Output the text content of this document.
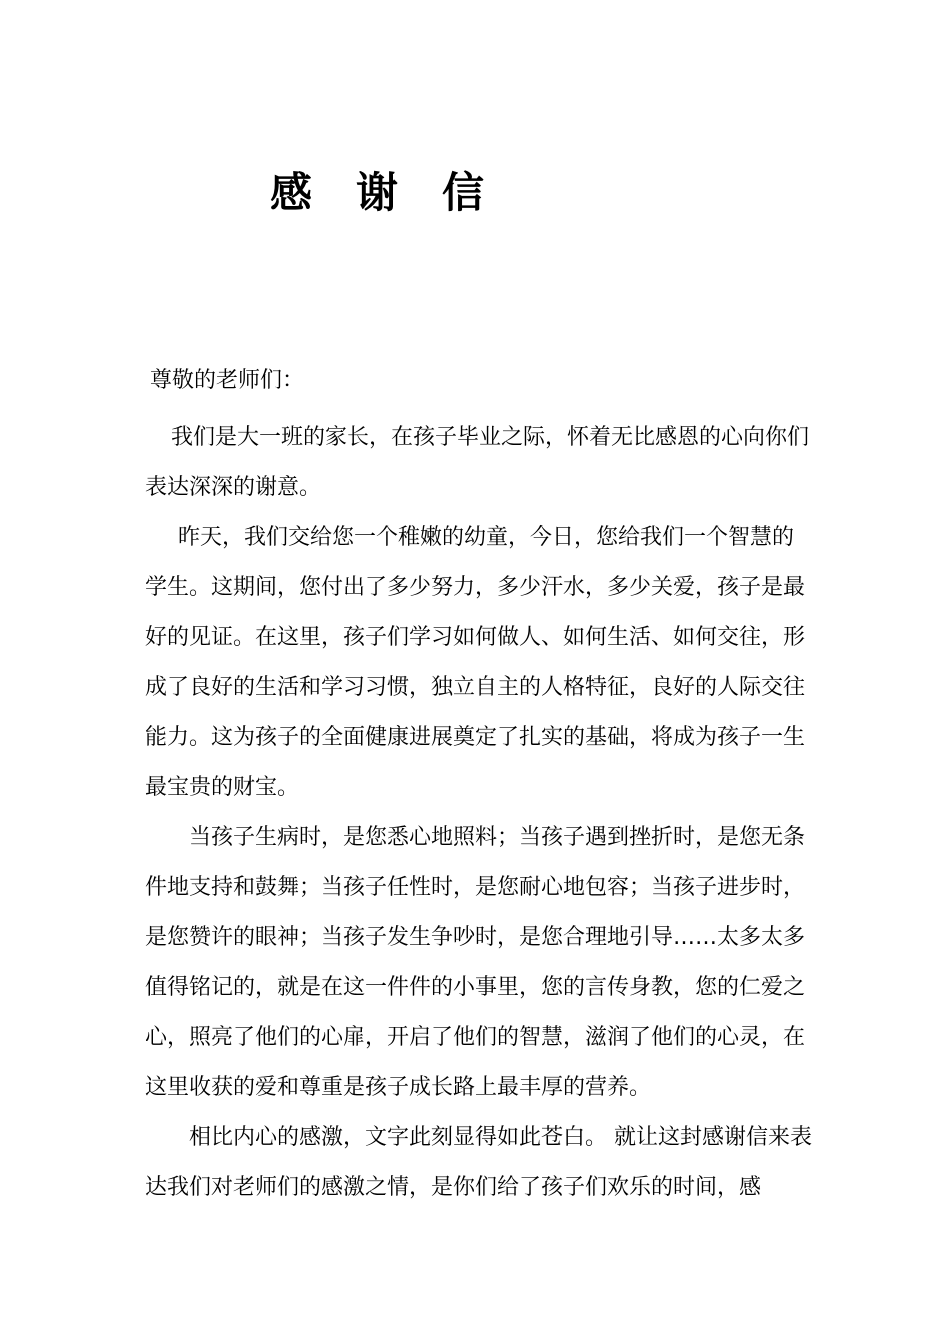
感谢信
尊敬的老师们：

我们是大一班的家长，在孩子毕业之际，怀着无比感恩的心向你们表达深深的谢意。

昨天，我们交给您一个稚嫩的幼童，今日，您给我们一个智慧的学生。这期间，您付出了多少努力，多少汗水，多少关爱，孩子是最好的见证。在这里，孩子们学习如何做人、如何生活、如何交往，形成了良好的生活和学习习惯，独立自主的人格特征，良好的人际交往能力。这为孩子的全面健康进展奠定了扎实的基础，将成为孩子一生最宝贵的财宝。

当孩子生病时，是您悉心地照料；当孩子遇到挫折时，是您无条件地支持和鼓舞；当孩子任性时，是您耐心地包容；当孩子进步时，是您赞许的眼神；当孩子发生争吵时，是您合理地引导……太多太多值得铭记的，就是在这一件件的小事里，您的言传身教，您的仁爱之心，照亮了他们的心扉，开启了他们的智慧，滋润了他们的心灵，在这里收获的爱和尊重是孩子成长路上最丰厚的营养。

相比内心的感激，文字此刻显得如此苍白。 就让这封感谢信来表达我们对老师们的感激之情，是你们给了孩子们欢乐的时间，感
